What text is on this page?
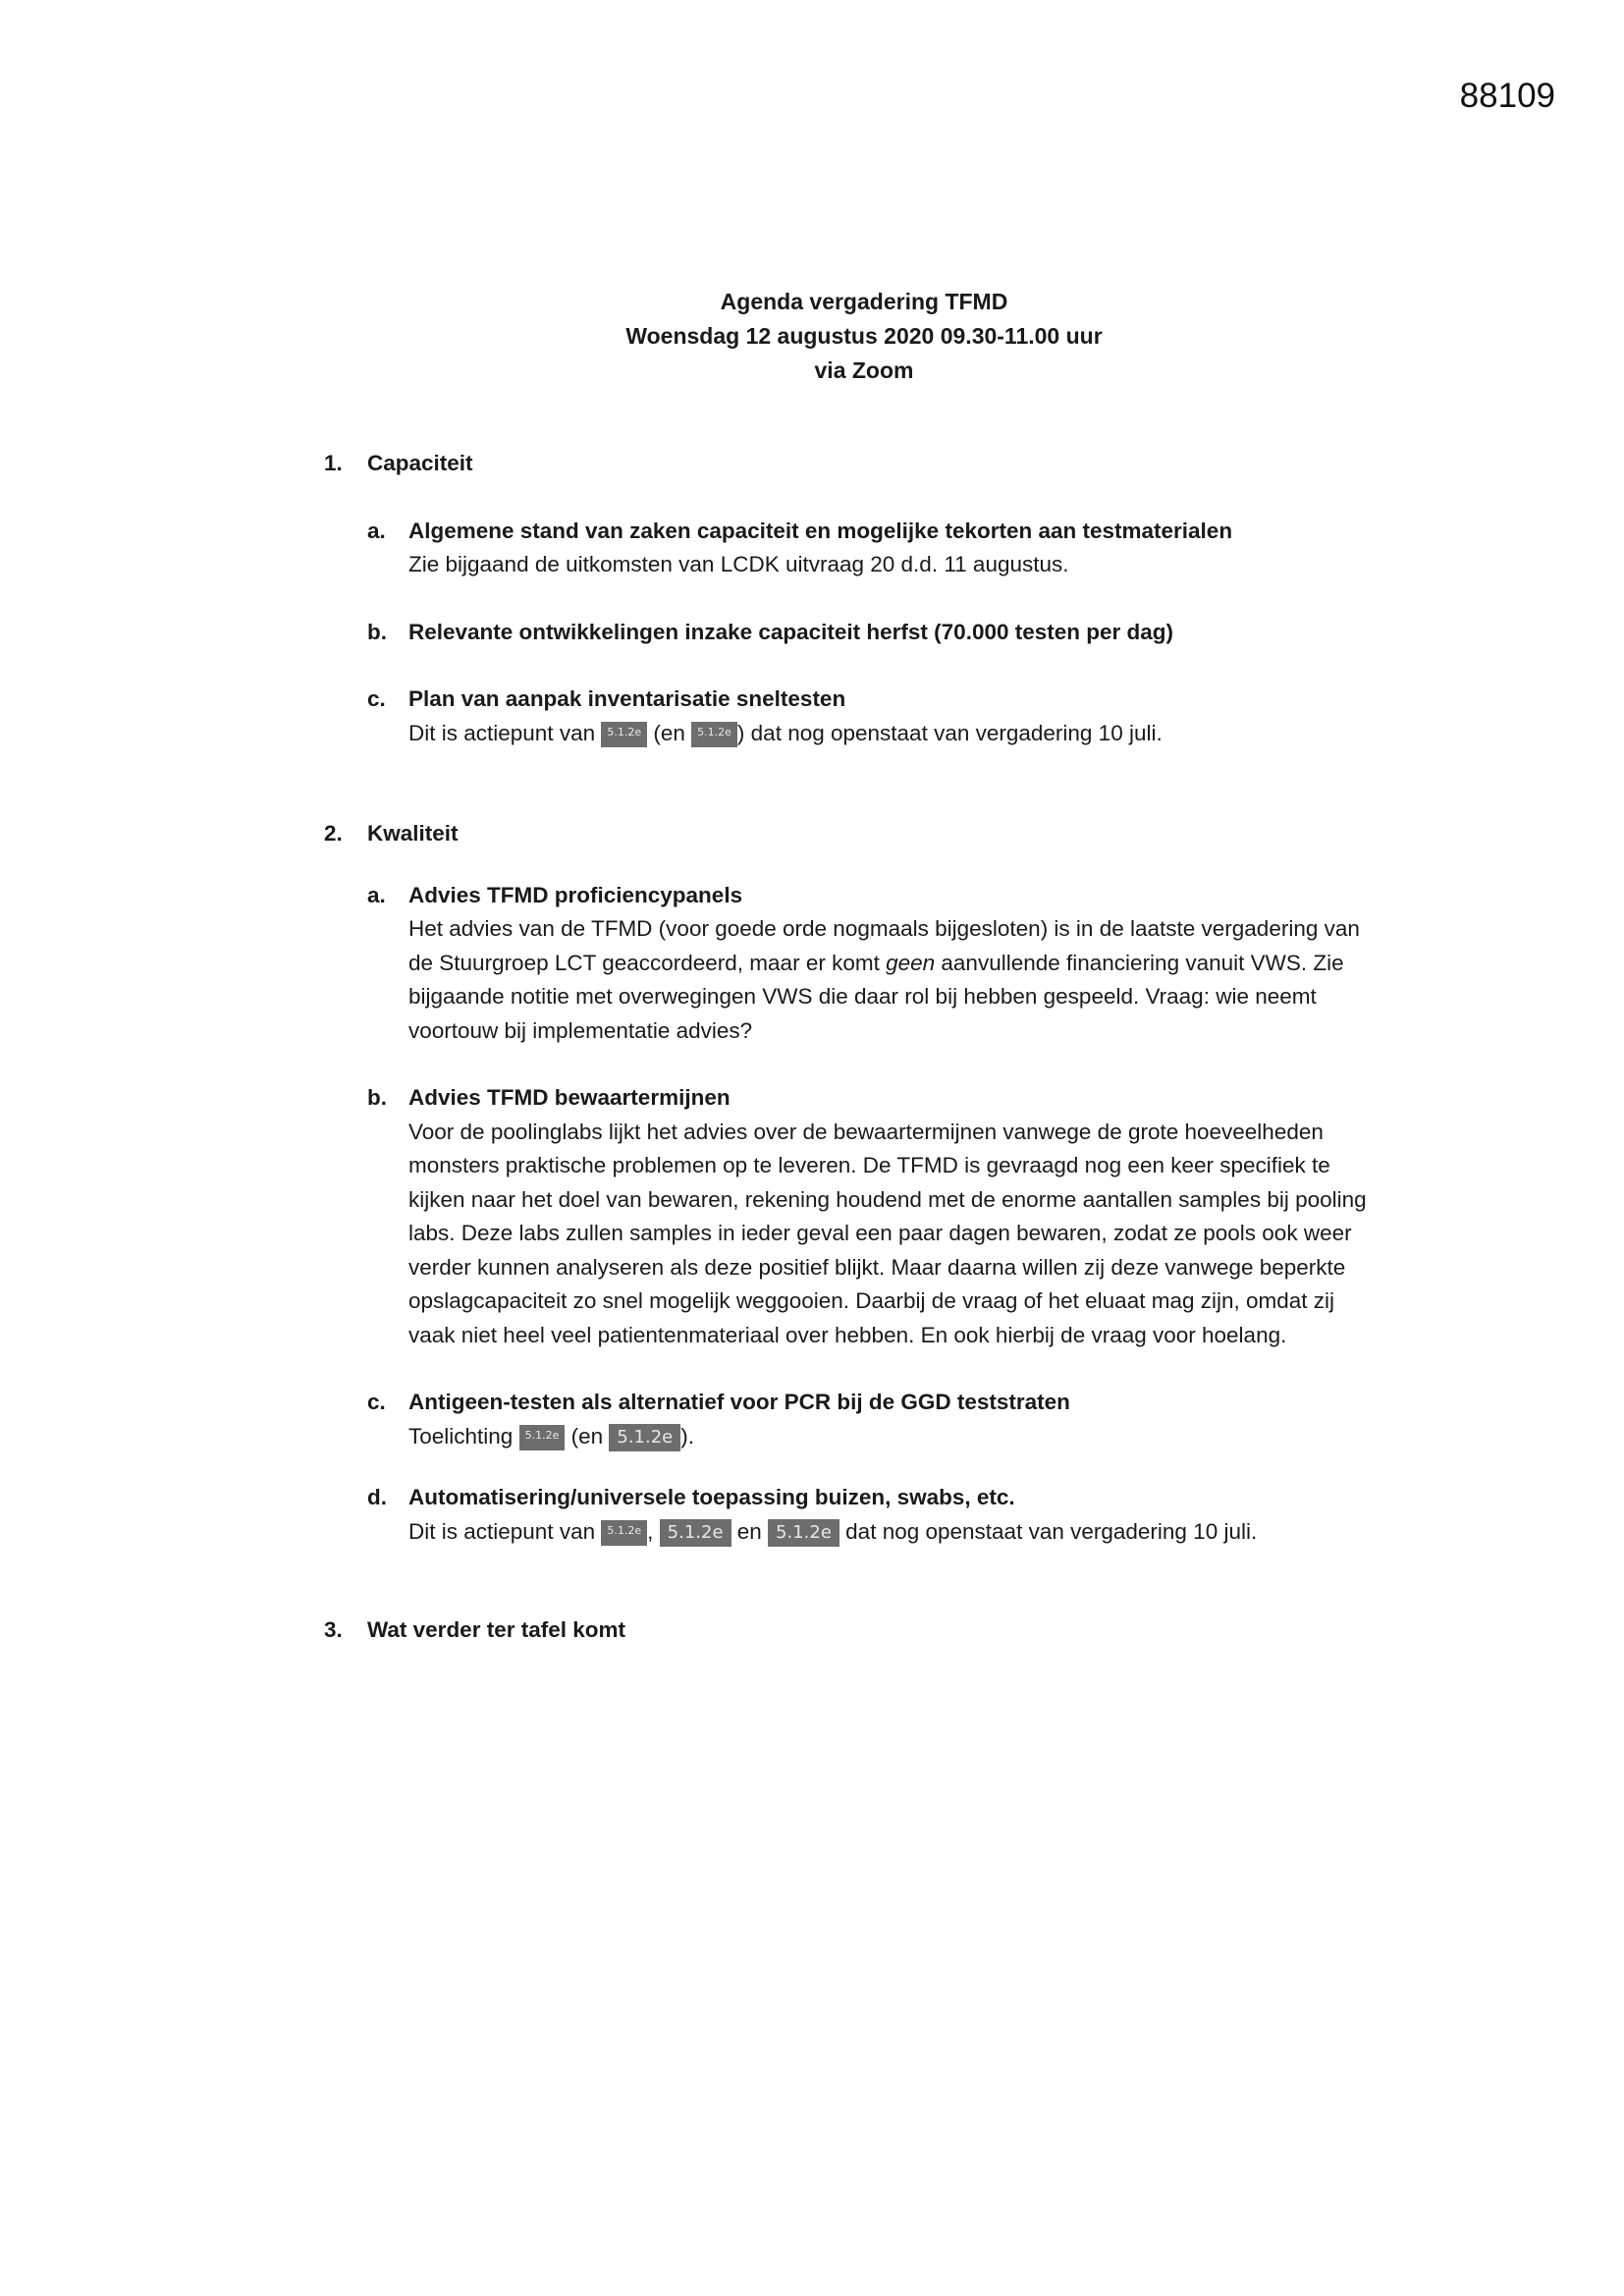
88109
Agenda vergadering TFMD
Woensdag 12 augustus 2020 09.30-11.00 uur
via Zoom
1.	Capaciteit
a. Algemene stand van zaken capaciteit en mogelijke tekorten aan testmaterialen
Zie bijgaand de uitkomsten van LCDK uitvraag 20 d.d. 11 augustus.
b. Relevante ontwikkelingen inzake capaciteit herfst (70.000 testen per dag)
c. Plan van aanpak inventarisatie sneltesten
Dit is actiepunt van 5.1.2e (en 5.1.2e ) dat nog openstaat van vergadering 10 juli.
2.	Kwaliteit
a. Advies TFMD proficiencypanels
Het advies van de TFMD (voor goede orde nogmaals bijgesloten) is in de laatste vergadering van de Stuurgroep LCT geaccordeerd, maar er komt geen aanvullende financiering vanuit VWS. Zie bijgaande notitie met overwegingen VWS die daar rol bij hebben gespeeld. Vraag: wie neemt voortouw bij implementatie advies?
b. Advies TFMD bewaartermijnen
Voor de poolinglabs lijkt het advies over de bewaartermijnen vanwege de grote hoeveelheden monsters praktische problemen op te leveren. De TFMD is gevraagd nog een keer specifiek te kijken naar het doel van bewaren, rekening houdend met de enorme aantallen samples bij pooling labs. Deze labs zullen samples in ieder geval een paar dagen bewaren, zodat ze pools ook weer verder kunnen analyseren als deze positief blijkt. Maar daarna willen zij deze vanwege beperkte opslagcapaciteit zo snel mogelijk weggooien. Daarbij de vraag of het eluaat mag zijn, omdat zij vaak niet heel veel patientenmateriaal over hebben. En ook hierbij de vraag voor hoelang.
c. Antigeen-testen als alternatief voor PCR bij de GGD teststraten
Toelichting 5.1.2e (en 5.1.2e ).
d. Automatisering/universele toepassing buizen, swabs, etc.
Dit is actiepunt van 5.1.2e , 5.1.2e en 5.1.2e dat nog openstaat van vergadering 10 juli.
3.	Wat verder ter tafel komt
